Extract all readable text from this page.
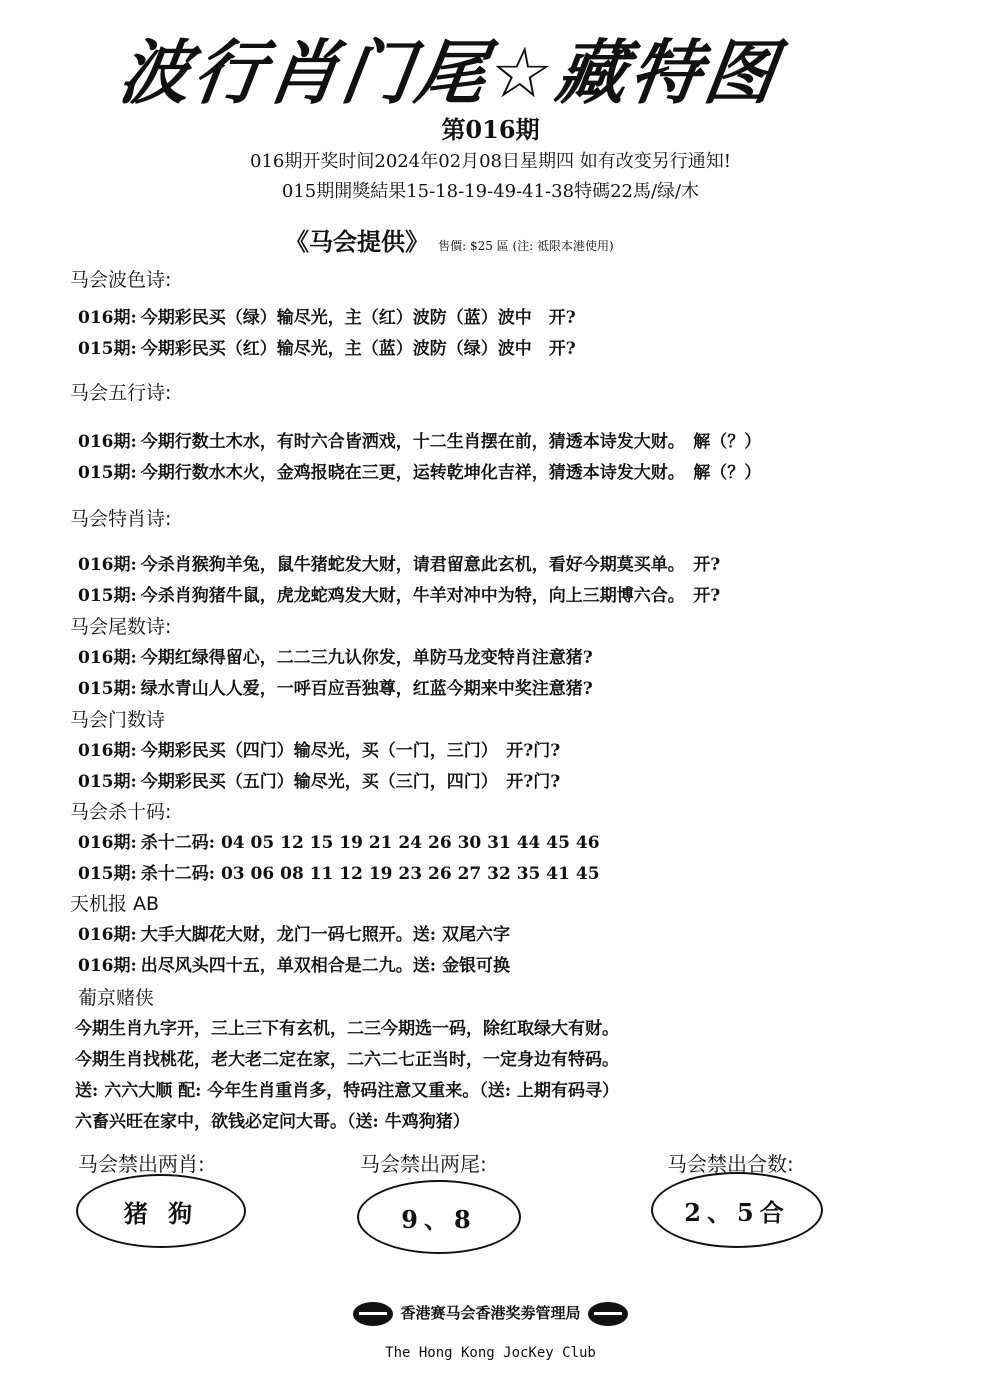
波行肖门尾☆藏特图
第016期
016期开奖时间2024年02月08日星期四 如有改变另行通知!
015期開獎結果15-18-19-49-41-38特碼22馬/绿/木
《马会提供》 售價: $25 區 (注: 祗限本港使用)
马会波色诗:
016期: 今期彩民买（绿）输尽光，主（红）波防（蓝）波中　开?
015期: 今期彩民买（红）输尽光，主（蓝）波防（绿）波中　开?
马会五行诗:
016期: 今期行数土木水，有时六合皆洒戏，十二生肖摆在前，猜透本诗发大财。　解（？）
015期: 今期行数水木火，金鸡报晓在三更，运转乾坤化吉祥，猜透本诗发大财。　解（？）
马会特肖诗:
016期: 今杀肖猴狗羊兔，鼠牛猪蛇发大财，请君留意此玄机，看好今期莫买单。　开?
015期: 今杀肖狗猪牛鼠，虎龙蛇鸡发大财，牛羊对冲中为特，向上三期博六合。　开?
马会尾数诗:
016期: 今期红绿得留心，二二三九认你发，单防马龙变特肖注意猪?
015期: 绿水青山人人爱，一呼百应吾独尊，红蓝今期来中奖注意猪?
马会门数诗
016期: 今期彩民买（四门）输尽光，买（一门，三门）　开?门?
015期: 今期彩民买（五门）输尽光，买（三门，四门）　开?门?
马会杀十码:
016期: 杀十二码: 04 05 12 15 19 21 24 26 30 31 44 45 46
015期: 杀十二码: 03 06 08 11 12 19 23 26 27 32 35 41 45
天机报 AB
016期: 大手大脚花大财，龙门一码七照开。送: 双尾六字
016期: 出尽风头四十五，单双相合是二九。送: 金银可换
葡京赌侠
今期生肖九字开，三上三下有玄机，二三今期选一码，除红取绿大有财。
今期生肖找桃花，老大老二定在家，二六二七正当时，一定身边有特码。
送: 六六大顺 配: 今年生肖重肖多，特码注意又重来。（送: 上期有码寻）
六畜兴旺在家中，欲钱必定问大哥。（送: 牛鸡狗猪）
马会禁出两肖:
猪 狗
马会禁出两尾:
9、8
马会禁出合数:
2、5合
香港赛马会香港奖劵管理局
The Hong Kong JocKey Club
